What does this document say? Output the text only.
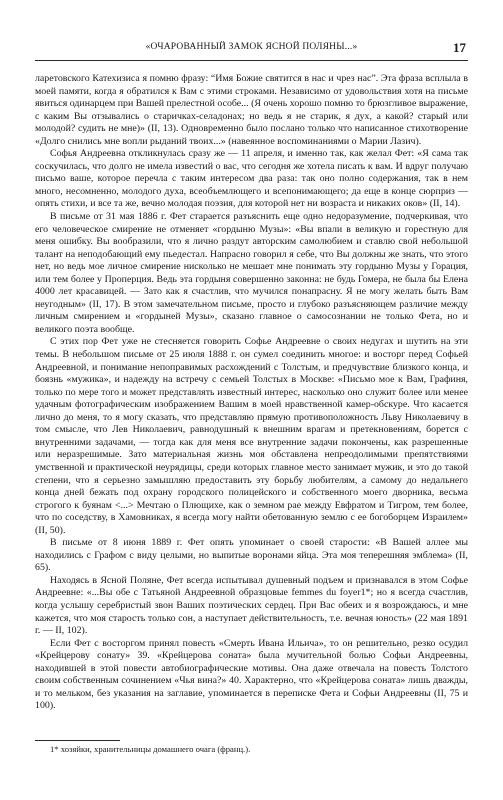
«ОЧАРОВАННЫЙ ЗАМОК ЯСНОЙ ПОЛЯНЫ...»	17

ларетовского Катехизиса я помню фразу: “Имя Божие святится в нас и чрез нас”. Эта фраза всплыла в моей памяти, когда я обратился к Вам с этими строками. Независимо от удовольствия хотя на письме явиться одинарцем при Вашей прелестной особе... (Я очень хорошо помню то брюзгливое выражение, с каким Вы отзывались о старичках-селадонах; но ведь я не старик, я дух, а какой? старый или молодой? судить не мне)» (II, 13). Одновременно было послано только что написанное стихотворение «Долго снились мне вопли рыданий твоих...» (навеянное воспоминаниями о Марии Лазич).

Софья Андреевна откликнулась сразу же — 11 апреля, и именно так, как желал Фет: «Я сама так соскучилась, что долго не имела известий о вас, что сегодня же хотела писать к вам. И вдруг получаю письмо ваше, которое перечла с таким интересом два раза: так оно полно содержания, так в нем много, несомненно, молодого духа, всеобъемлющего и всепонимающего; да еще в конце сюрприз — опять стихи, и все та же, вечно молодая поэзия, для которой нет ни возраста и никаких оков» (II, 14).

В письме от 31 мая 1886 г. Фет старается разъяснить еще одно недоразумение, подчеркивая, что его человеческое смирение не отменяет «гордыню Музы»: «Вы впали в великую и горестную для меня ошибку. Вы вообразили, что я лично раздут авторским самолюбием и ставлю свой небольшой талант на неподобающий ему пьедестал. Напрасно говорил я себе, что Вы должны же знать, что этого нет, но ведь мое личное смирение нисколько не мешает мне понимать эту гордыню Музы у Горация, или тем более у Проперция. Ведь эта гордыня совершенно законна: не будь Гомера, не была бы Елена 4000 лет красавицей. — Зато как я счастлив, что мучился понапрасну. Я не могу желать быть Вам неугодным» (II, 17). В этом замечательном письме, просто и глубоко разъясняющем различие между личным смирением и «гордыней Музы», сказано главное о самосознании не только Фета, но и великого поэта вообще.

С этих пор Фет уже не стесняется говорить Софье Андреевне о своих недугах и шутить на эти темы. В небольшом письме от 25 июля 1888 г. он сумел соединить многое: и восторг перед Софьей Андреевной, и понимание непоправимых расхождений с Толстым, и предчувствие близкого конца, и боязнь «мужика», и надежду на встречу с семьей Толстых в Москве: «Письмо мое к Вам, Графиня, только по мере того и может представлять известный интерес, насколько оно служит более или менее удачным фотографическим изображением Вашим в моей нравственной камер-обскуре. Что касается лично до меня, то я могу сказать, что представляю прямую противоположность Льву Николаевичу в том смысле, что Лев Николаевич, равнодушный к внешним врагам и претекновениям, борется с внутренними задачами, — тогда как для меня все внутренние задачи покончены, как разрешенные или неразрешимые. Зато материальная жизнь моя обставлена непреодолимыми препятствиями умственной и практической неурядицы, среди которых главное место занимает мужик, и это до такой степени, что я серьезно замышляю предоставить эту борьбу любителям, а самому до недальнего конца дней бежать под охрану городского полицейского и собственного моего дворника, весьма строгого к буянам <...> Мечтаю о Плющихе, как о земном рае между Евфратом и Тигром, тем более, что по соседству, в Хамовниках, я всегда могу найти обетованную землю с ее богоборцем Израилем» (II, 50).

В письме от 8 июня 1889 г. Фет опять упоминает о своей старости: «В Вашей аллее мы находились с Графом с виду целыми, но выпитые воронами яйца. Эта моя теперешняя эмблема» (II, 65).

Находясь в Ясной Поляне, Фет всегда испытывал душевный подъем и признавался в этом Софье Андреевне: «...Вы обе с Татьяной Андреевной образцовые femmes du foyer1*; но я всегда счастлив, когда услышу серебристый звон Ваших поэтических сердец. При Вас обеих и я возрождаюсь, и мне кажется, что моя старость только сон, а наступает действительность, т.е. вечная юность» (22 мая 1891 г. — II, 102).

Если Фет с восторгом принял повесть «Смерть Ивана Ильича», то он решительно, резко осудил «Крейцерову сонату» 39. «Крейцерова соната» была мучительной болью Софьи Андреевны, находившей в этой повести автобиографические мотивы. Она даже отвечала на повесть Толстого своим собственным сочинением «Чья вина?» 40. Характерно, что «Крейцерова соната» лишь дважды, и то мельком, без указания на заглавие, упоминается в переписке Фета и Софьи Андреевны (II, 75 и 100).

1* хозяйки, хранительницы домашнего очага (франц.).
